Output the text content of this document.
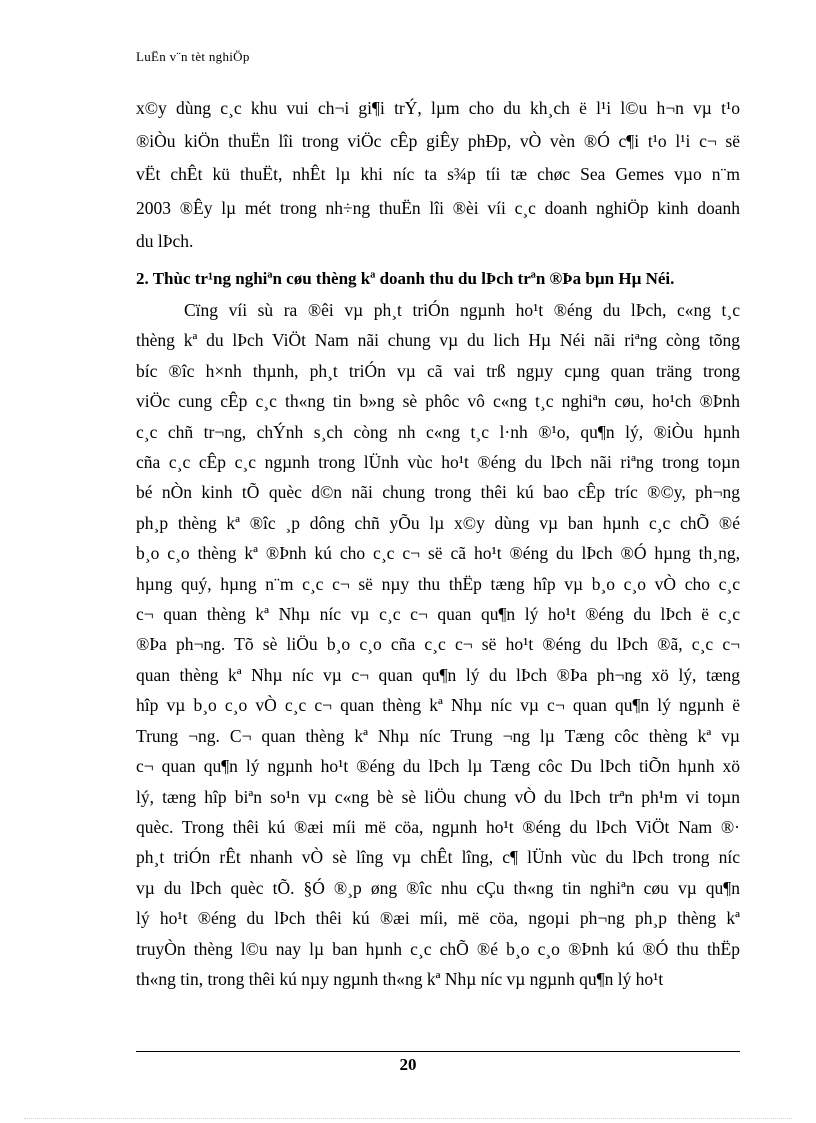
LuËn v¨n tèt nghiÖp
x©y dùng c¸c khu vui ch¬i gi¶i trÝ, lµm cho du kh¸ch ë l¹i l©u h¬n vµ t¹o
®iÒu kiÖn thuËn lîi trong viÖc cÊp giÊy phÐp, vÒ vèn ®Ó c¶i t¹o l¹i c¬ së
vËt chÊt kü thuËt, nhÊt lµ khi níc ta s¾p tíi tæ chøc Sea Gemes vµo n¨m
2003 ®Êy lµ mét trong nh÷ng thuËn lîi ®èi víi c¸c doanh nghiÖp kinh doanh
du lÞch.
2. Thùc tr¹ng nghiªn cøu thèng kª doanh thu du lÞch trªn ®Þa bµn Hµ Néi.
Cïng víi sù ra ®êi vµ ph¸t triÓn ngµnh ho¹t ®éng du lÞch, c«ng t¸c
thèng kª du lÞch ViÖt Nam nãi chung vµ du lich Hµ Néi nãi riªng còng tõng
bíc ®îc h×nh thµnh, ph¸t triÓn vµ cã vai trß ngµy cµng quan träng trong
viÖc cung cÊp c¸c th«ng tin b»ng sè phôc vô c«ng t¸c nghiªn cøu, ho¹ch ®Þnh
c¸c chñ tr¬ng, chÝnh s¸ch còng nh c«ng t¸c l·nh ®¹o, qu¶n lý, ®iÒu hµnh
cña c¸c cÊp c¸c ngµnh trong lÜnh vùc ho¹t ®éng du lÞch nãi riªng trong toµn
bé nÒn kinh tÕ quèc d©n nãi chung trong thêi kú bao cÊp tríc ®©y, ph¬ng
ph¸p thèng kª ®îc ¸p dông chñ yÕu lµ x©y dùng vµ ban hµnh c¸c chÕ ®é
b¸o c¸o thèng kª ®Þnh kú cho c¸c c¬ së cã ho¹t ®éng du lÞch ®Ó hµng th¸ng,
hµng quý, hµng n¨m c¸c c¬ së nµy thu thËp tæng hîp vµ b¸o c¸o vÒ cho c¸c
c¬ quan thèng kª Nhµ níc vµ c¸c c¬ quan qu¶n lý ho¹t ®éng du lÞch ë c¸c
®Þa ph¬ng. Tõ sè liÖu b¸o c¸o cña c¸c c¬ së ho¹t ®éng du lÞch ®ã, c¸c c¬
quan thèng kª Nhµ níc vµ c¬ quan qu¶n lý du lÞch ®Þa ph¬ng xö lý, tæng
hîp vµ b¸o c¸o vÒ c¸c c¬ quan thèng kª Nhµ níc vµ c¬ quan qu¶n lý ngµnh ë
Trung ¬ng. C¬ quan thèng kª Nhµ níc Trung ¬ng lµ Tæng côc thèng kª vµ
c¬ quan qu¶n lý ngµnh ho¹t ®éng du lÞch lµ Tæng côc Du lÞch tiÕn hµnh xö
lý, tæng hîp biªn so¹n vµ c«ng bè sè liÖu chung vÒ du lÞch trªn ph¹m vi toµn
quèc. Trong thêi kú ®æi míi më cöa, ngµnh ho¹t ®éng du lÞch ViÖt Nam ®·
ph¸t triÓn rÊt nhanh vÒ sè lîng vµ chÊt lîng, c¶ lÜnh vùc du lÞch trong níc
vµ du lÞch quèc tÕ. §Ó ®¸p øng ®îc nhu cÇu th«ng tin nghiªn cøu vµ qu¶n
lý ho¹t ®éng du lÞch thêi kú ®æi míi, më cöa, ngoµi ph¬ng ph¸p thèng kª
truyÒn thèng l©u nay lµ ban hµnh c¸c chÕ ®é b¸o c¸o ®Þnh kú ®Ó thu thËp
th«ng tin, trong thêi kú nµy ngµnh th«ng kª Nhµ níc vµ ngµnh qu¶n lý ho¹t
20
